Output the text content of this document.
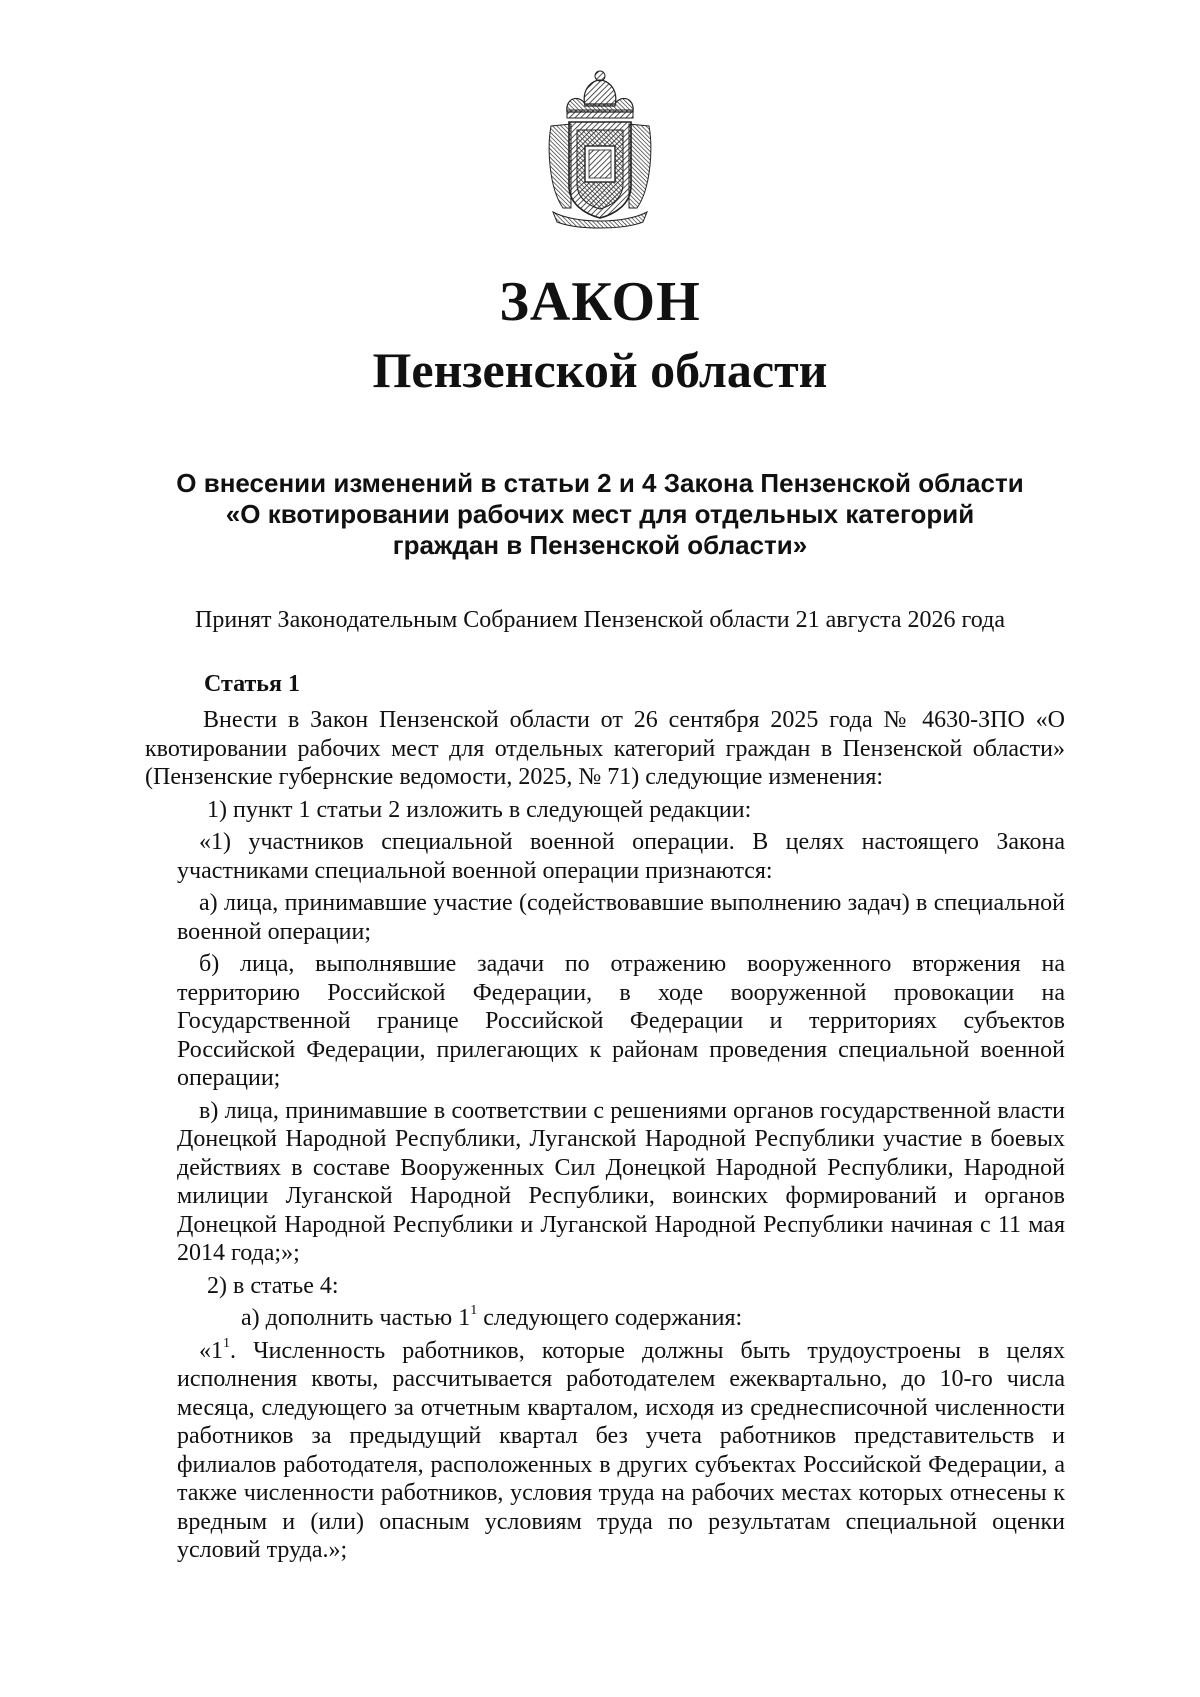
ЗАКОН
Пензенской области
О внесении изменений в статьи 2 и 4 Закона Пензенской области «О квотировании рабочих мест для отдельных категорий граждан в Пензенской области»

Принят Законодательным Собранием Пензенской области 21 августа 2026 года

Статья 1

Внести в Закон Пензенской области от 26 сентября 2025 года № 4630-ЗПО «О квотировании рабочих мест для отдельных категорий граждан в Пензенской области» (Пензенские губернские ведомости, 2025, № 71) следующие изменения:

1) пункт 1 статьи 2 изложить в следующей редакции:

«1) участников специальной военной операции. В целях настоящего Закона участниками специальной военной операции признаются:

а) лица, принимавшие участие (содействовавшие выполнению задач) в специальной военной операции;

б) лица, выполнявшие задачи по отражению вооруженного вторжения на территорию Российской Федерации, в ходе вооруженной провокации на Государственной границе Российской Федерации и территориях субъектов Российской Федерации, прилегающих к районам проведения специальной военной операции;

в) лица, принимавшие в соответствии с решениями органов государственной власти Донецкой Народной Республики, Луганской Народной Республики участие в боевых действиях в составе Вооруженных Сил Донецкой Народной Республики, Народной милиции Луганской Народной Республики, воинских формирований и органов Донецкой Народной Республики и Луганской Народной Республики начиная с 11 мая 2014 года;»;

2) в статье 4:

а) дополнить частью $1^1$ следующего содержания:

«$1^1$. Численность работников, которые должны быть трудоустроены в целях исполнения квоты, рассчитывается работодателем ежеквартально, до 10-го числа месяца, следующего за отчетным кварталом, исходя из среднесписочной численности работников за предыдущий квартал без учета работников представительств и филиалов работодателя, расположенных в других субъектах Российской Федерации, а также численности работников, условия труда на рабочих местах которых отнесены к вредным и (или) опасным условиям труда по результатам специальной оценки условий труда.»;
